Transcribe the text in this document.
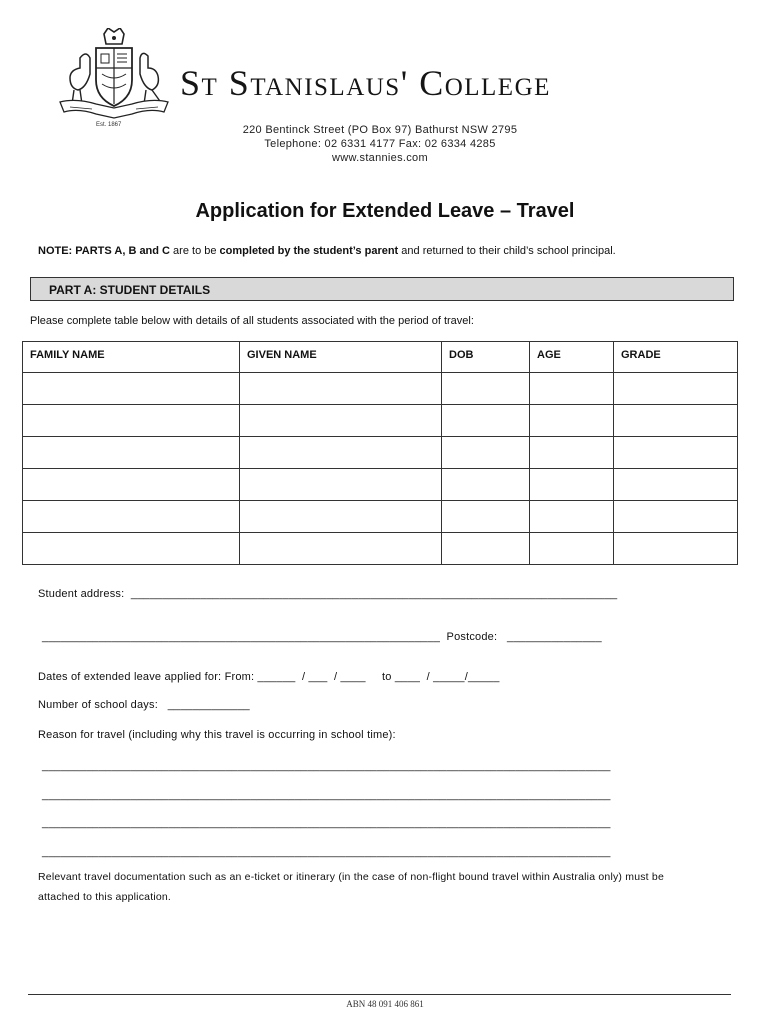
Est. 1867
St Stanislaus' College
220 Bentinck Street (PO Box 97) Bathurst NSW 2795
Telephone: 02 6331 4177 Fax: 02 6334 4285
www.stannies.com
Application for Extended Leave – Travel
NOTE: PARTS A, B and C are to be completed by the student’s parent and returned to their child’s school principal.
PART A: STUDENT DETAILS
Please complete table below with details of all students associated with the period of travel:
FAMILY NAME	GIVEN NAME	DOB	AGE	GRADE

Student address:  _____________________________________________________________________________
_______________________________________________________________  Postcode:   _______________
Dates of extended leave applied for: From: ______  / ___  / ____     to ____  / _____/_____
Number of school days:   _____________
Reason for travel (including why this travel is occurring in school time):
__________________________________________________________________________________________
__________________________________________________________________________________________
__________________________________________________________________________________________
__________________________________________________________________________________________
Relevant travel documentation such as an e-ticket or itinerary (in the case of non-flight bound travel within Australia only) must be
attached to this application.
ABN 48 091 406 861
